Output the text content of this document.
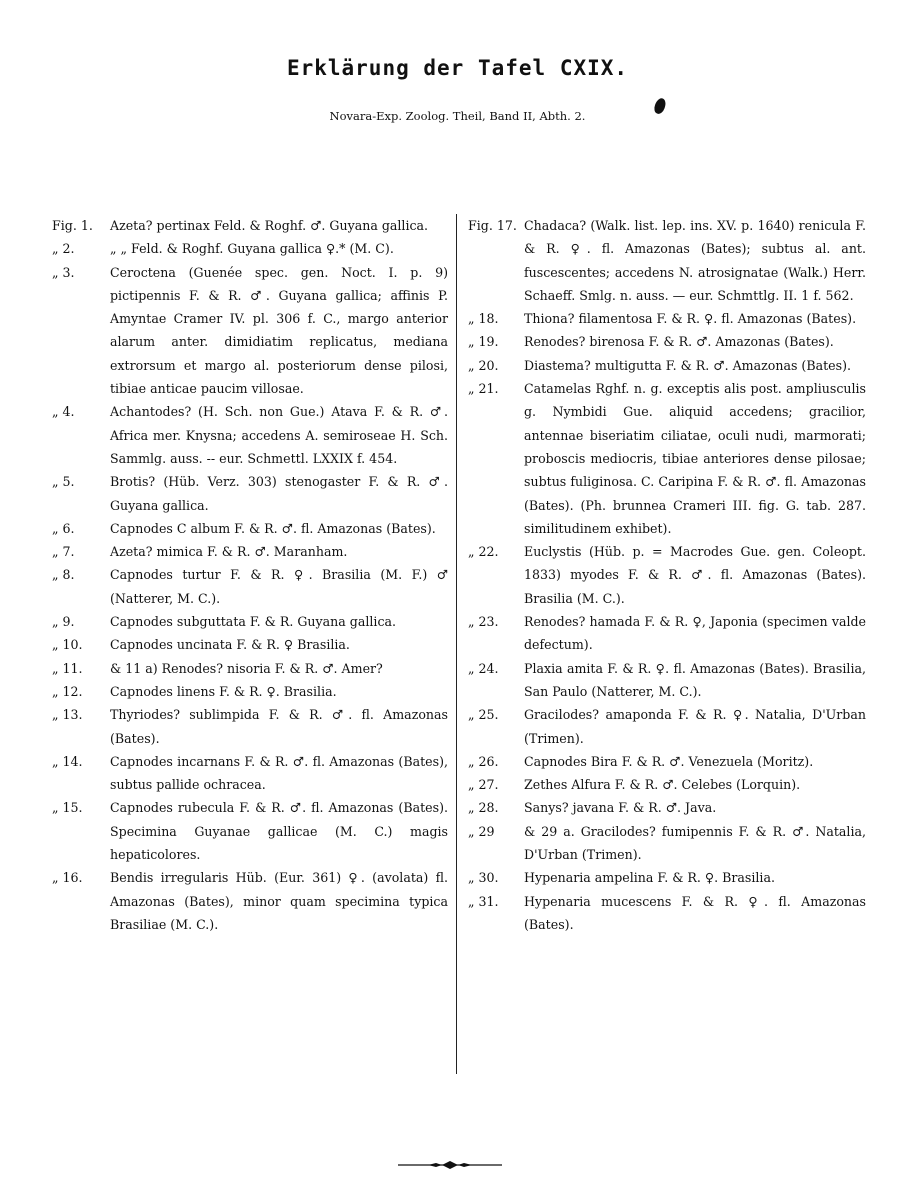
Erklärung der Tafel CXIX.
Novara-Exp. Zoolog. Theil, Band II, Abth. 2.
Fig. 1. Azeta? pertinax Feld. & Roghf. ♂. Guyana gallica.
„ 2.	„ „ Feld. & Roghf. Guyana gallica ♀.* (M. C).
„ 3.	Ceroctena (Guenée spec. gen. Noct. I. p. 9) pictipennis F. & R. ♂. Guyana gallica; affinis P. Amyntae Cramer IV. pl. 306 f. C., margo anterior alarum anter. dimidiatim replicatus, mediana extrorsum et margo al. posteriorum dense pilosi, tibiae anticae paucim villosae.
„ 4.	Achantodes? (H. Sch. non Gue.) Atava F. & R. ♂. Africa mer. Knysna; accedens A. semiroseae H. Sch. Sammlg. auss. -- eur. Schmettl. LXXIX f. 454.
„ 5.	Brotis? (Hüb. Verz. 303) stenogaster F. & R. ♂. Guyana gallica.
„ 6.	Capnodes C album F. & R. ♂. fl. Amazonas (Bates).
„ 7.	Azeta? mimica F. & R. ♂. Maranham.
„ 8.	Capnodes turtur F. & R. ♀. Brasilia (M. F.) ♂ (Natterer, M. C.).
„ 9.	Capnodes subguttata F. & R. Guyana gallica.
„ 10. Capnodes uncinata F. & R. ♀ Brasilia.
„ 11. & 11 a) Renodes? nisoria F. & R. ♂. Amer?
„ 12. Capnodes linens F. & R. ♀. Brasilia.
„ 13. Thyriodes? sublimpida F. & R. ♂. fl. Amazonas (Bates).
„ 14. Capnodes incarnans F. & R. ♂. fl. Amazonas (Bates), subtus pallide ochracea.
„ 15. Capnodes rubecula F. & R. ♂. fl. Amazonas (Bates). Specimina Guyanae gallicae (M. C.) magis hepaticolores.
„ 16. Bendis irregularis Hüb. (Eur. 361) ♀. (avolata) fl. Amazonas (Bates), minor quam specimina typica Brasiliae (M. C.).
Fig. 17. Chadaca? (Walk. list. lep. ins. XV. p. 1640) renicula F. & R. ♀. fl. Amazonas (Bates); subtus al. ant. fuscescentes; accedens N. atrosignatae (Walk.) Herr. Schaeff. Smlg. n. auss. — eur. Schmttlg. II. 1 f. 562.
„ 18. Thiona? filamentosa F. & R. ♀. fl. Amazonas (Bates).
„ 19. Renodes? birenosa F. & R. ♂. Amazonas (Bates).
„ 20. Diastema? multigutta F. & R. ♂. Amazonas (Bates).
„ 21. Catamelas Rghf. n. g. exceptis alis post. ampliusculis g. Nymbidi Gue. aliquid accedens; gracilior, antennae biseriatim ciliatae, oculi nudi, marmorati; proboscis mediocris, tibiae anteriores dense pilosae; subtus fuliginosa. C. Caripina F. & R. ♂. fl. Amazonas (Bates). (Ph. brunnea Crameri III. fig. G. tab. 287. similitudinem exhibet).
„ 22. Euclystis (Hüb. p. = Macrodes Gue. gen. Coleopt. 1833) myodes F. & R. ♂. fl. Amazonas (Bates). Brasilia (M. C.).
„ 23. Renodes? hamada F. & R. ♀, Japonia (specimen valde defectum).
„ 24. Plaxia amita F. & R. ♀. fl. Amazonas (Bates). Brasilia, San Paulo (Natterer, M. C.).
„ 25. Gracilodes? amaponda F. & R. ♀. Natalia, D'Urban (Trimen).
„ 26. Capnodes Bira F. & R. ♂. Venezuela (Moritz).
„ 27. Zethes Alfura F. & R. ♂. Celebes (Lorquin).
„ 28. Sanys? javana F. & R. ♂. Java.
„ 29 & 29 a. Gracilodes? fumipennis F. & R. ♂. Natalia, D'Urban (Trimen).
„ 30. Hypenaria ampelina F. & R. ♀. Brasilia.
„ 31. Hypenaria mucescens F. & R. ♀. fl. Amazonas (Bates).
